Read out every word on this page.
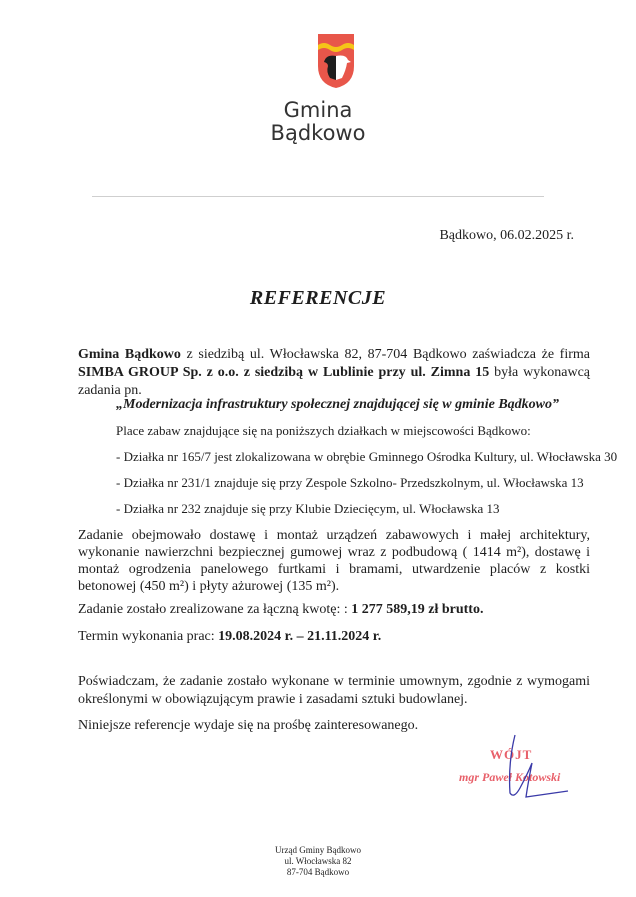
Gmina
Bądkowo
Bądkowo, 06.02.2025 r.
REFERENCJE
Gmina Bądkowo z siedzibą ul. Włocławska 82, 87-704 Bądkowo zaświadcza że firma SIMBA GROUP Sp. z o.o. z siedzibą w Lublinie przy ul. Zimna 15 była wykonawcą zadania pn.
„Modernizacja infrastruktury społecznej znajdującej się w gminie Bądkowo”
Place zabaw znajdujące się na poniższych działkach w miejscowości Bądkowo:
- Działka nr 165/7 jest zlokalizowana w obrębie Gminnego Ośrodka Kultury, ul. Włocławska 30
- Działka nr 231/1 znajduje się przy Zespole Szkolno- Przedszkolnym, ul. Włocławska 13
- Działka nr 232 znajduje się przy Klubie Dziecięcym, ul. Włocławska 13
Zadanie obejmowało dostawę i montaż urządzeń zabawowych i małej architektury, wykonanie nawierzchni bezpiecznej gumowej wraz z podbudową ( 1414 m²), dostawę i montaż ogrodzenia panelowego furtkami i bramami, utwardzenie placów z kostki betonowej (450 m²) i płyty ażurowej (135 m²).
Zadanie zostało zrealizowane za łączną kwotę: : 1 277 589,19 zł brutto.
Termin wykonania prac: 19.08.2024 r. – 21.11.2024 r.
Poświadczam, że zadanie zostało wykonane w terminie umownym, zgodnie z wymogami określonymi w obowiązującym prawie i zasadami sztuki budowlanej.
Niniejsze referencje wydaje się na prośbę zainteresowanego.
WÓJT
mgr Paweł Kotowski
Urząd Gminy Bądkowo
ul. Włocławska 82
87-704 Bądkowo
